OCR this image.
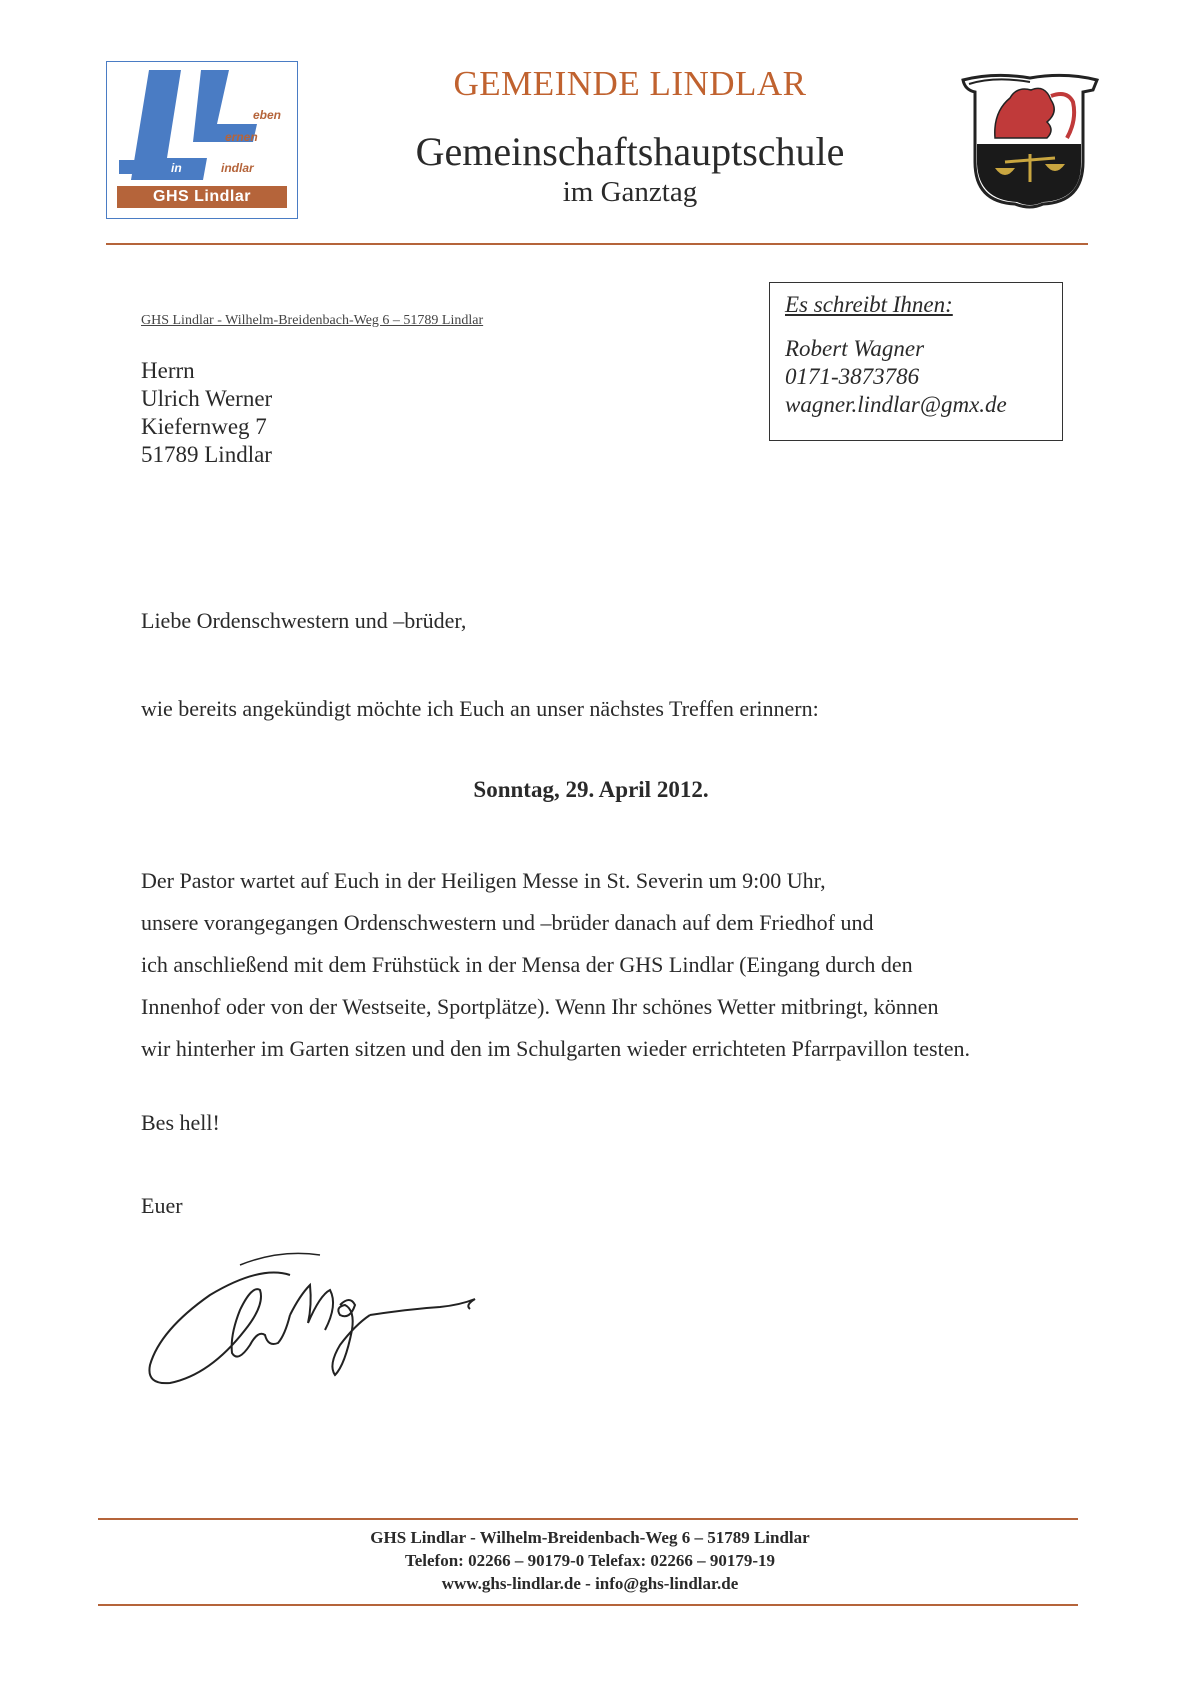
eben
ernen
in	indlar
GHS Lindlar
GEMEINDE LINDLAR
Gemeinschaftshauptschule
im Ganztag
GHS Lindlar - Wilhelm-Breidenbach-Weg 6 – 51789 Lindlar
Herrn
Ulrich Werner
Kiefernweg 7
51789 Lindlar
Es schreibt Ihnen:
Robert Wagner
0171-3873786
wagner.lindlar@gmx.de
Liebe Ordenschwestern und –brüder,
wie bereits angekündigt möchte ich Euch an unser nächstes Treffen erinnern:
Sonntag, 29. April 2012.
Der Pastor wartet auf Euch in der Heiligen Messe in St. Severin um 9:00 Uhr,
unsere vorangegangen Ordenschwestern und –brüder danach auf dem Friedhof und
ich anschließend mit dem Frühstück in der Mensa der GHS Lindlar (Eingang durch den
Innenhof oder von der Westseite, Sportplätze). Wenn Ihr schönes Wetter mitbringt, können
wir hinterher im Garten sitzen und den im Schulgarten wieder errichteten Pfarrpavillon testen.
Bes hell!
Euer
GHS Lindlar - Wilhelm-Breidenbach-Weg 6 – 51789 Lindlar
Telefon: 02266 – 90179-0 Telefax: 02266 – 90179-19
www.ghs-lindlar.de - info@ghs-lindlar.de
